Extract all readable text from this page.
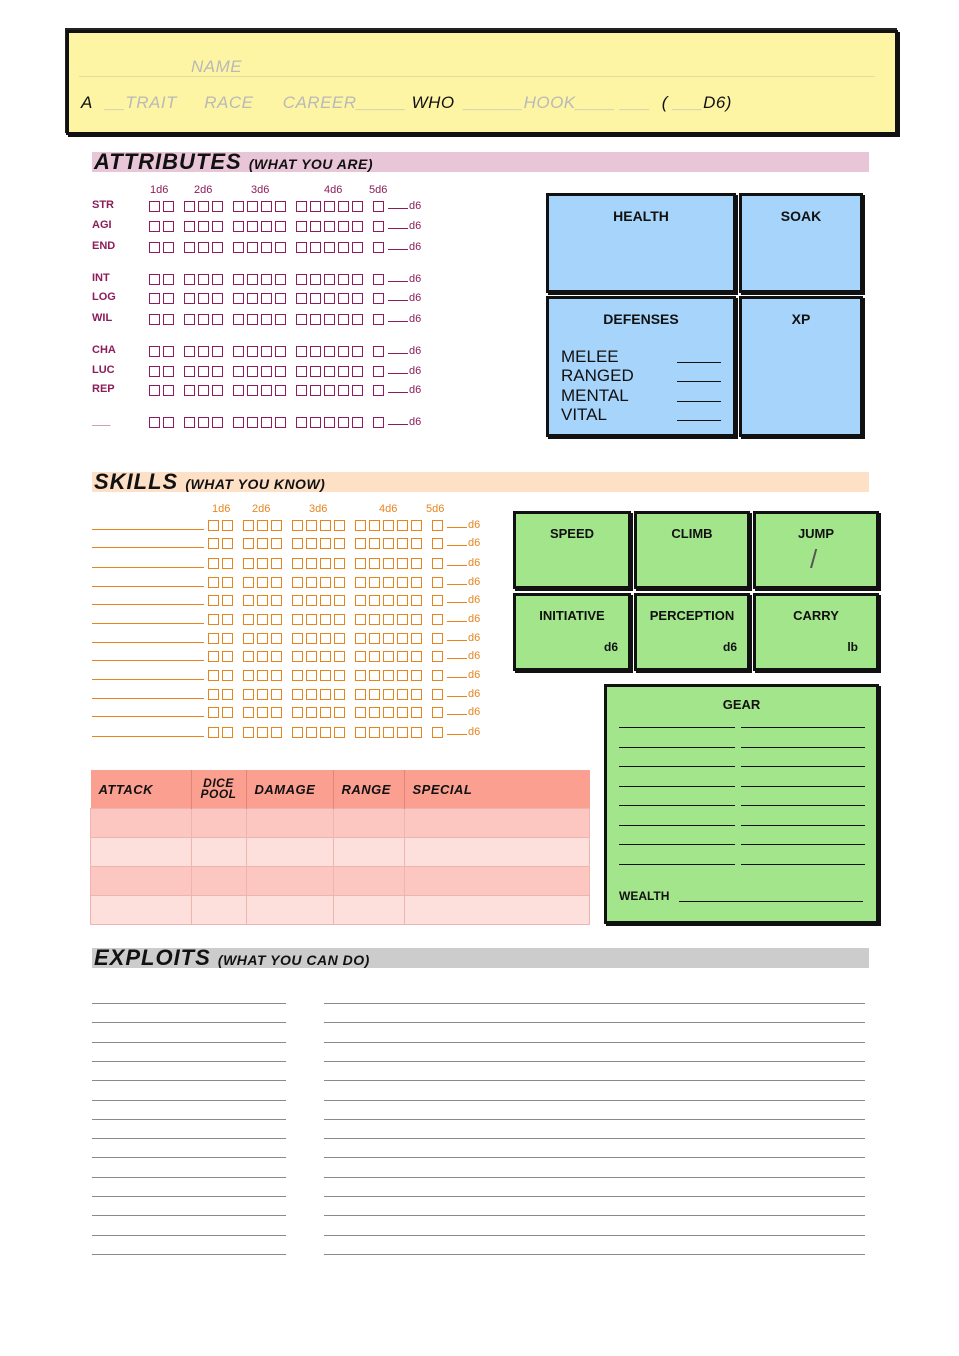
NAME
A __TRAIT RACE CAREER_____ WHO ______HOOK____ ___ ( ___D6)
ATTRIBUTES (WHAT YOU ARE)
1d6 2d6	3d6	4d6 5d6
STR	d6
AGI	d6
END	d6
INT	d6
LOG	d6
WIL	d6
CHA	d6
LUC	d6
REP	d6
___	d6
HEALTH	SOAK
DEFENSES
MELEE
RANGED
MENTAL
VITAL
XP
SKILLS (WHAT YOU KNOW)
1d6 2d6	3d6	4d6	5d6
d6
d6
d6
d6
d6
d6
d6
d6
d6
d6
d6
d6
SPEED	CLIMB	JUMP
/
INITIATIVE
d6
PERCEPTION
d6
CARRY
lb
GEAR
WEALTH
ATTACK	DICE POOL	DAMAGE	RANGE	SPECIAL

EXPLOITS (WHAT YOU CAN DO)
